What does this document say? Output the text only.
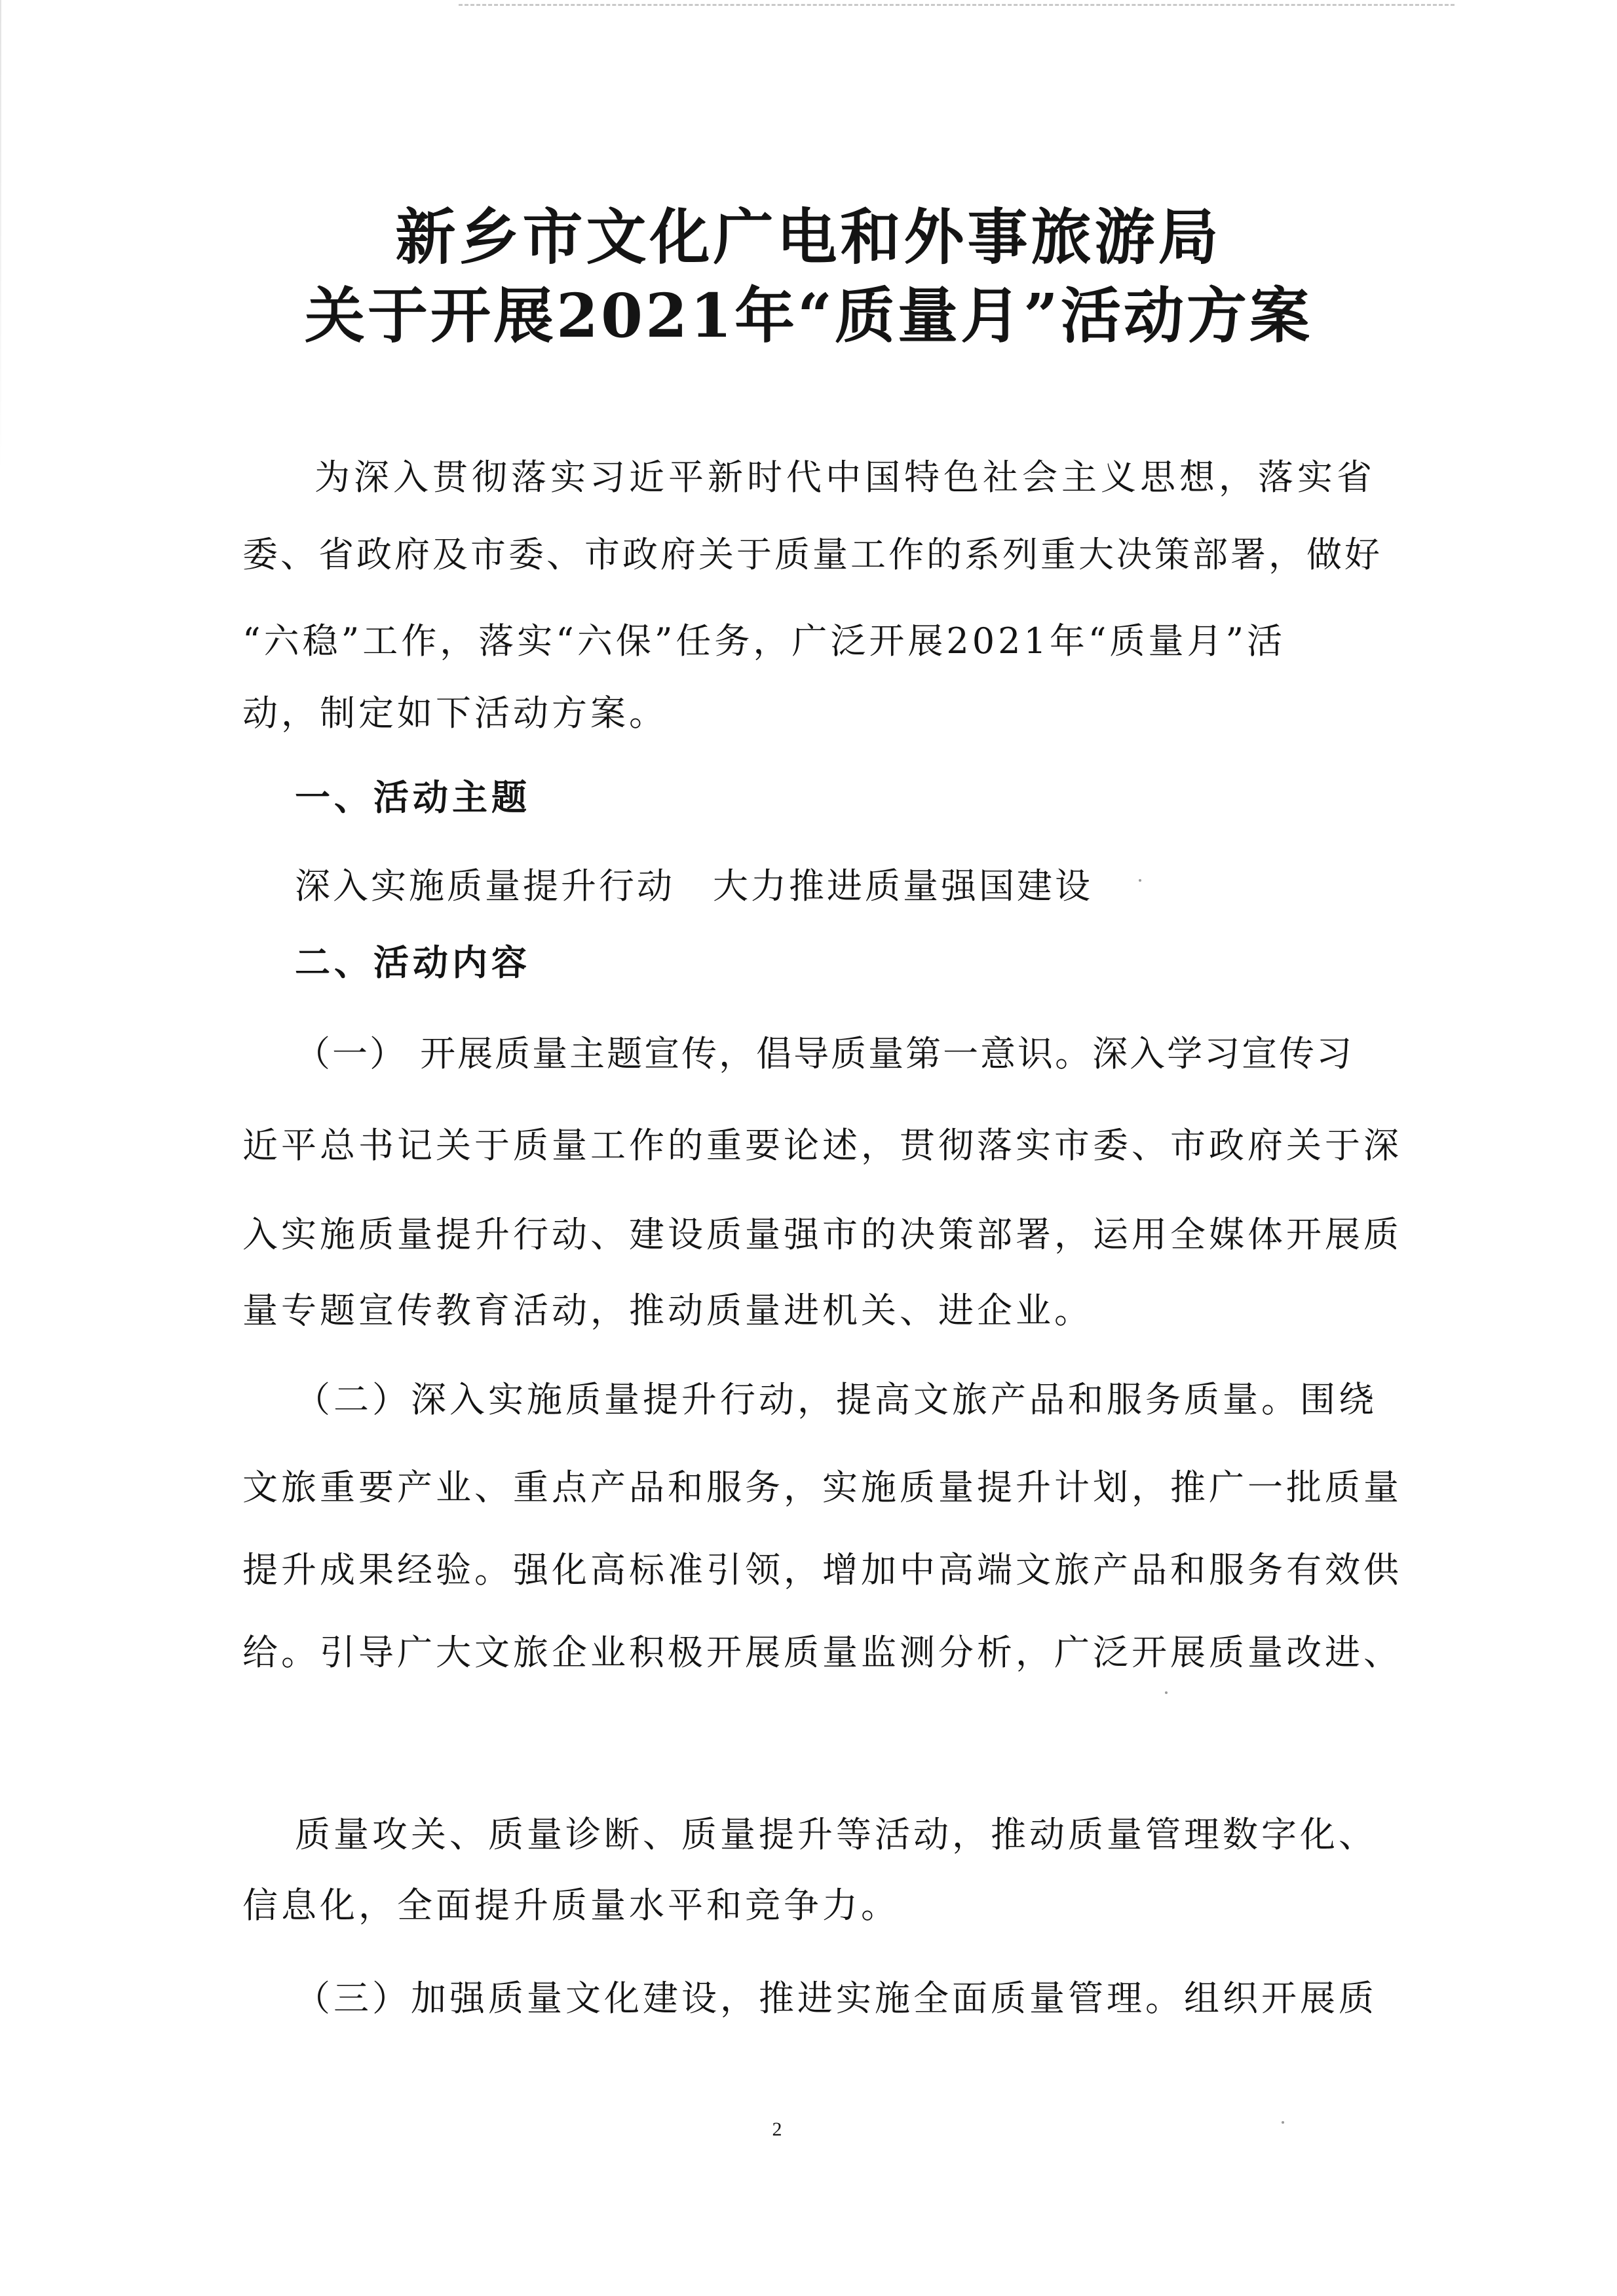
新乡市文化广电和外事旅游局
关于开展2021年“质量月”活动方案
为深入贯彻落实习近平新时代中国特色社会主义思想，落实省
委、省政府及市委、市政府关于质量工作的系列重大决策部署，做好
“六稳”工作，落实“六保”任务，广泛开展2021年“质量月”活
动，制定如下活动方案。
一、活动主题
深入实施质量提升行动　大力推进质量强国建设
二、活动内容
（一） 开展质量主题宣传，倡导质量第一意识。深入学习宣传习
近平总书记关于质量工作的重要论述，贯彻落实市委、市政府关于深
入实施质量提升行动、建设质量强市的决策部署，运用全媒体开展质
量专题宣传教育活动，推动质量进机关、进企业。
（二）深入实施质量提升行动，提高文旅产品和服务质量。围绕
文旅重要产业、重点产品和服务，实施质量提升计划，推广一批质量
提升成果经验。强化高标准引领，增加中高端文旅产品和服务有效供
给。引导广大文旅企业积极开展质量监测分析，广泛开展质量改进、
质量攻关、质量诊断、质量提升等活动，推动质量管理数字化、
信息化，全面提升质量水平和竞争力。
（三）加强质量文化建设，推进实施全面质量管理。组织开展质
2
